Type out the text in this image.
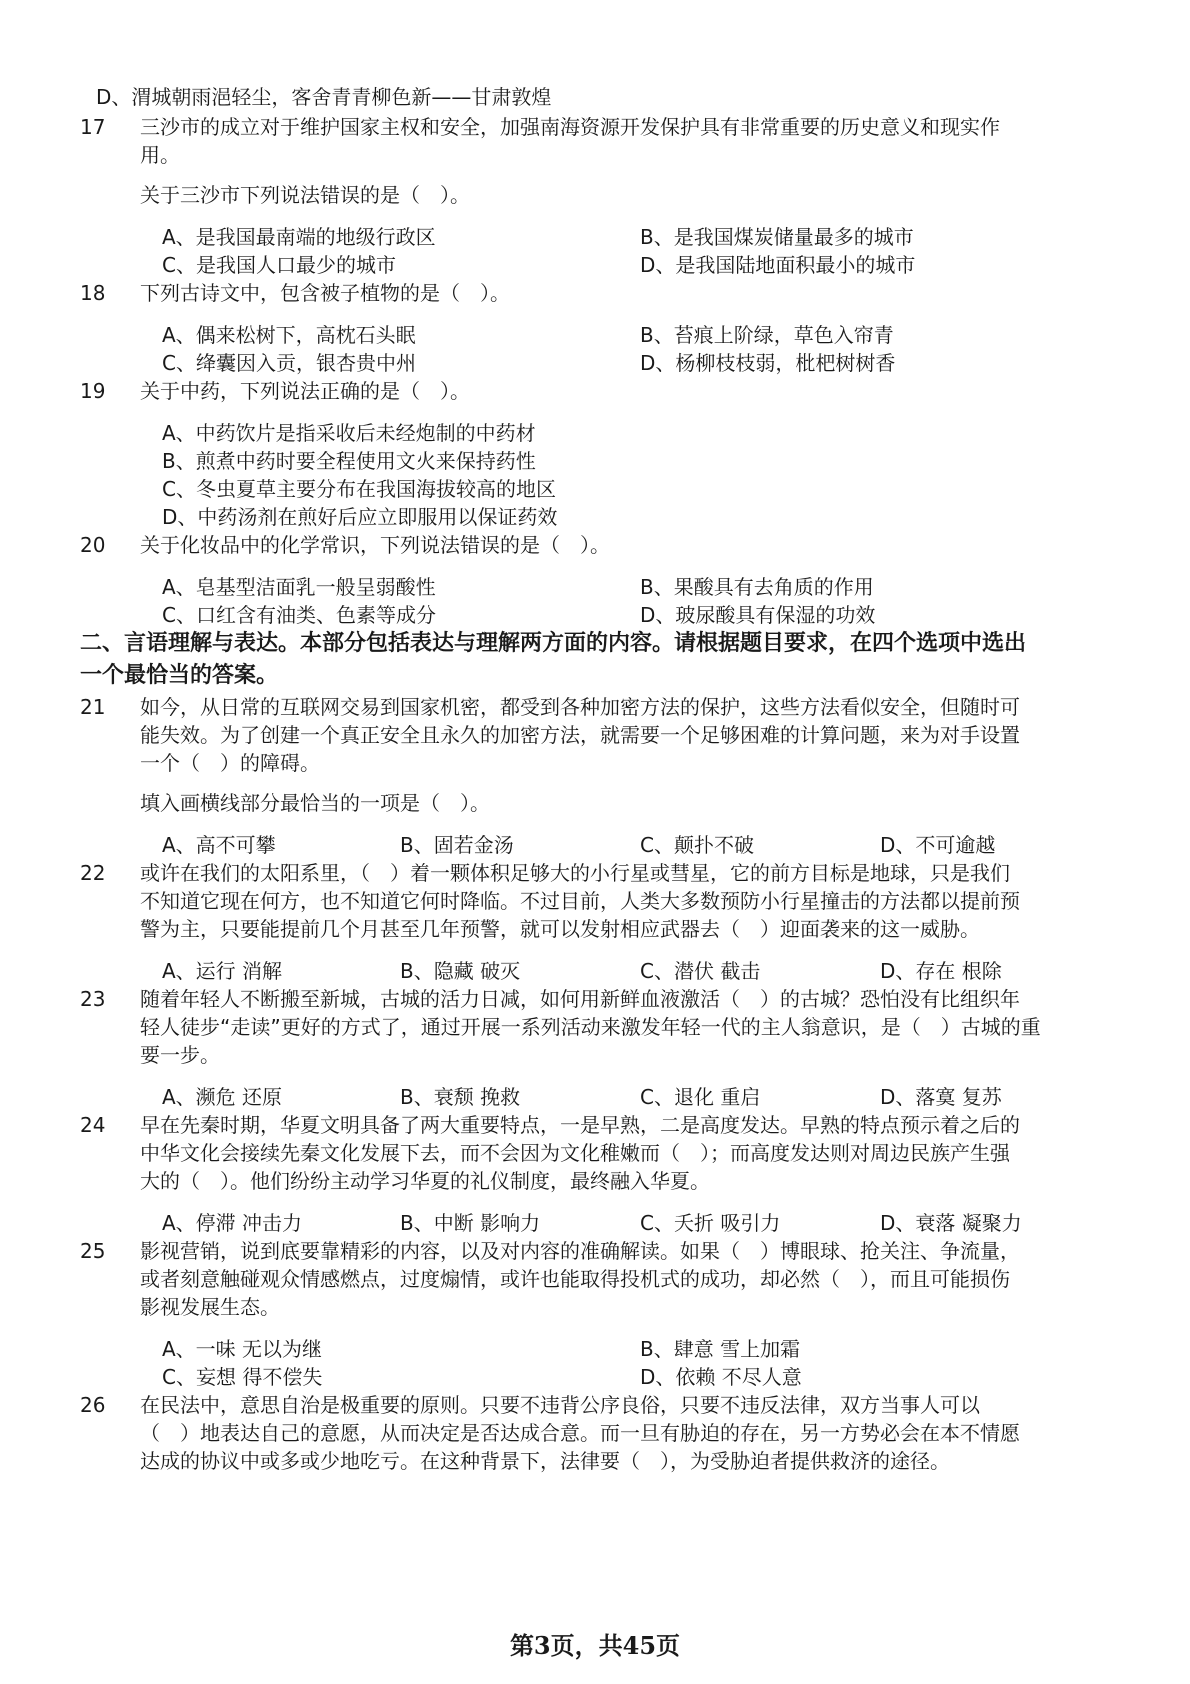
D、渭城朝雨浥轻尘，客舍青青柳色新——甘肃敦煌
17	三沙市的成立对于维护国家主权和安全，加强南海资源开发保护具有非常重要的历史意义和现实作
用。
关于三沙市下列说法错误的是（　）。
A、是我国最南端的地级行政区	B、是我国煤炭储量最多的城市
C、是我国人口最少的城市	D、是我国陆地面积最小的城市
18	下列古诗文中，包含被子植物的是（　）。
A、偶来松树下，高枕石头眠	B、苔痕上阶绿，草色入帘青
C、绛囊因入贡，银杏贵中州	D、杨柳枝枝弱，枇杷树树香
19	关于中药，下列说法正确的是（　）。
A、中药饮片是指采收后未经炮制的中药材
B、煎煮中药时要全程使用文火来保持药性
C、冬虫夏草主要分布在我国海拔较高的地区
D、中药汤剂在煎好后应立即服用以保证药效
20	关于化妆品中的化学常识，下列说法错误的是（　）。
A、皂基型洁面乳一般呈弱酸性	B、果酸具有去角质的作用
C、口红含有油类、色素等成分	D、玻尿酸具有保湿的功效
二、言语理解与表达。本部分包括表达与理解两方面的内容。请根据题目要求，在四个选项中选出
一个最恰当的答案。
21	如今，从日常的互联网交易到国家机密，都受到各种加密方法的保护，这些方法看似安全，但随时可
能失效。为了创建一个真正安全且永久的加密方法，就需要一个足够困难的计算问题，来为对手设置
一个（　）的障碍。
填入画横线部分最恰当的一项是（　）。
A、高不可攀	B、固若金汤	C、颠扑不破	D、不可逾越
22	或许在我们的太阳系里，（　）着一颗体积足够大的小行星或彗星，它的前方目标是地球，只是我们
不知道它现在何方，也不知道它何时降临。不过目前，人类大多数预防小行星撞击的方法都以提前预
警为主，只要能提前几个月甚至几年预警，就可以发射相应武器去（　）迎面袭来的这一威胁。
A、运行 消解	B、隐藏 破灭	C、潜伏 截击	D、存在 根除
23	随着年轻人不断搬至新城，古城的活力日减，如何用新鲜血液激活（　）的古城？恐怕没有比组织年
轻人徒步“走读”更好的方式了，通过开展一系列活动来激发年轻一代的主人翁意识，是（　）古城的重
要一步。
A、濒危 还原	B、衰颓 挽救	C、退化 重启	D、落寞 复苏
24	早在先秦时期，华夏文明具备了两大重要特点，一是早熟，二是高度发达。早熟的特点预示着之后的
中华文化会接续先秦文化发展下去，而不会因为文化稚嫩而（　）；而高度发达则对周边民族产生强
大的（　）。他们纷纷主动学习华夏的礼仪制度，最终融入华夏。
A、停滞 冲击力	B、中断 影响力	C、夭折 吸引力	D、衰落 凝聚力
25	影视营销，说到底要靠精彩的内容，以及对内容的准确解读。如果（　）博眼球、抢关注、争流量，
或者刻意触碰观众情感燃点，过度煽情，或许也能取得投机式的成功，却必然（　），而且可能损伤
影视发展生态。
A、一味 无以为继	B、肆意 雪上加霜
C、妄想 得不偿失	D、依赖 不尽人意
26	在民法中，意思自治是极重要的原则。只要不违背公序良俗，只要不违反法律，双方当事人可以
（　）地表达自己的意愿，从而决定是否达成合意。而一旦有胁迫的存在，另一方势必会在本不情愿
达成的协议中或多或少地吃亏。在这种背景下，法律要（　），为受胁迫者提供救济的途径。
第3页，共45页
